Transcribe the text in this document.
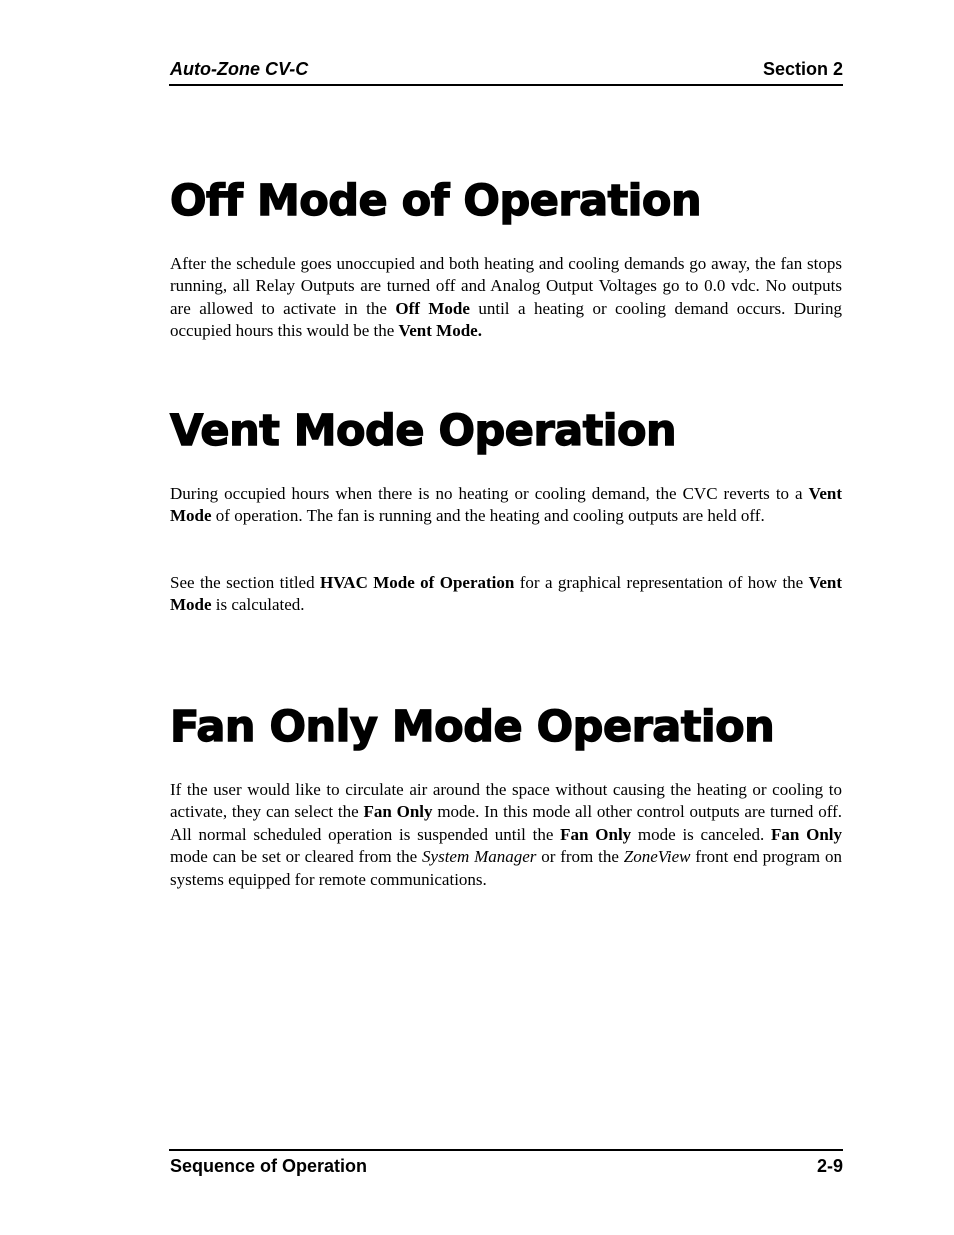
Auto-Zone CV-C	Section 2
Off Mode of Operation

After the schedule goes unoccupied and both heating and cooling demands go away, the fan stops running, all Relay Outputs are turned off and Analog Output Voltages go to 0.0 vdc. No outputs are allowed to activate in the Off Mode until a heating or cooling demand occurs. During occupied hours this would be the Vent Mode.

Vent Mode Operation

During occupied hours when there is no heating or cooling demand, the CVC reverts to a Vent Mode of operation. The fan is running and the heating and cooling outputs are held off.

See the section titled HVAC Mode of Operation for a graphical representation of how the Vent Mode is calculated.

Fan Only Mode Operation

If the user would like to circulate air around the space without causing the heating or cooling to activate, they can select the Fan Only mode. In this mode all other control outputs are turned off. All normal scheduled operation is suspended until the Fan Only mode is canceled. Fan Only mode can be set or cleared from the System Manager or from the ZoneView front end program on systems equipped for remote communications.

Sequence of Operation	2-9
